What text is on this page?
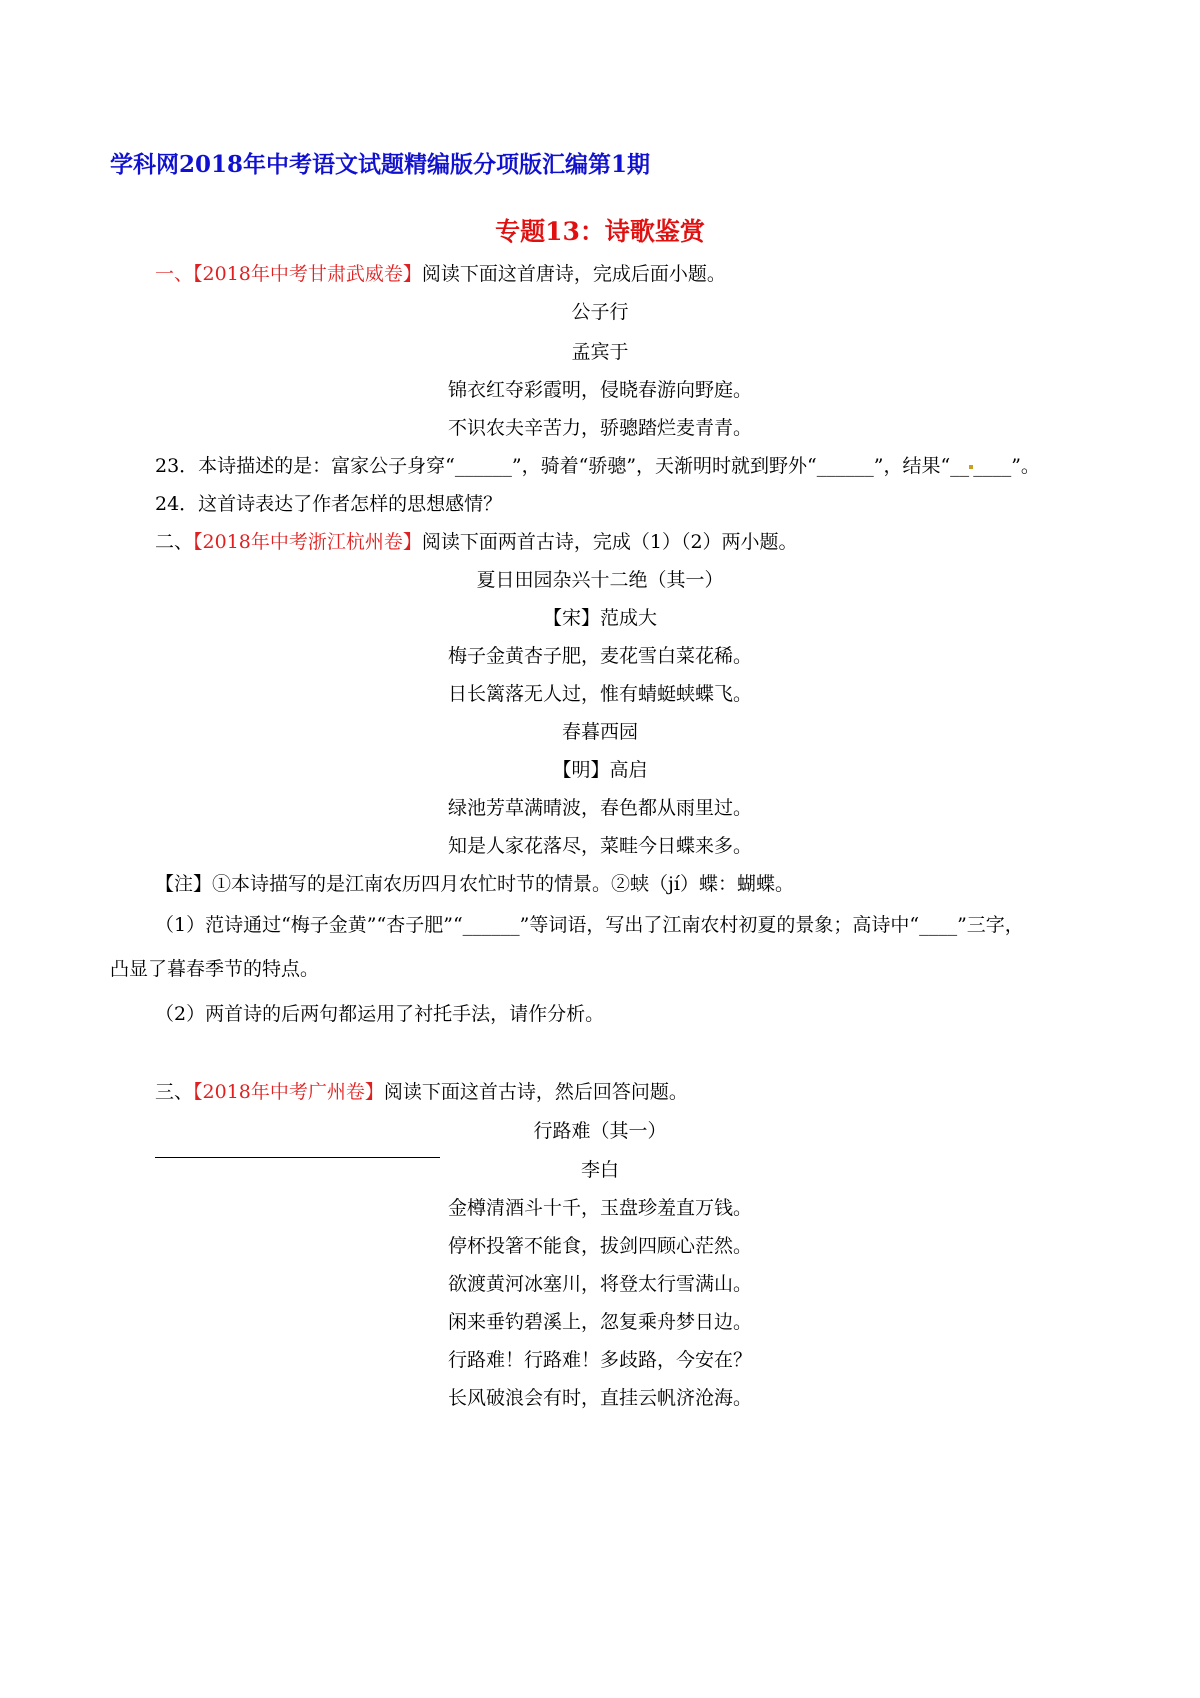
学科网2018年中考语文试题精编版分项版汇编第1期
专题13：诗歌鉴赏
一、【2018年中考甘肃武威卷】阅读下面这首唐诗，完成后面小题。
公子行
孟宾于
锦衣红夺彩霞明，侵晓春游向野庭。
不识农夫辛苦力，骄骢踏烂麦青青。
23．本诗描述的是：富家公子身穿“______”，骑着“骄骢”，天渐明时就到野外“______”，结果“__ ____”。
24．这首诗表达了作者怎样的思想感情？
二、【2018年中考浙江杭州卷】阅读下面两首古诗，完成（1）（2）两小题。
夏日田园杂兴十二绝（其一）
【宋】范成大
梅子金黄杏子肥，麦花雪白菜花稀。
日长篱落无人过，惟有蜻蜓蛱蝶飞。
春暮西园
【明】高启
绿池芳草满晴波，春色都从雨里过。
知是人家花落尽，菜畦今日蝶来多。
【注】①本诗描写的是江南农历四月农忙时节的情景。②蛱（jí）蝶：蝴蝶。
（1）范诗通过“梅子金黄”“杏子肥”“______”等词语，写出了江南农村初夏的景象；高诗中“____”三字，
凸显了暮春季节的特点。
（2）两首诗的后两句都运用了衬托手法，请作分析。
三、【2018年中考广州卷】阅读下面这首古诗，然后回答问题。
行路难（其一）
李白
金樽清酒斗十千，玉盘珍羞直万钱。
停杯投箸不能食，拔剑四顾心茫然。
欲渡黄河冰塞川，将登太行雪满山。
闲来垂钓碧溪上，忽复乘舟梦日边。
行路难！行路难！多歧路，今安在？
长风破浪会有时，直挂云帆济沧海。
